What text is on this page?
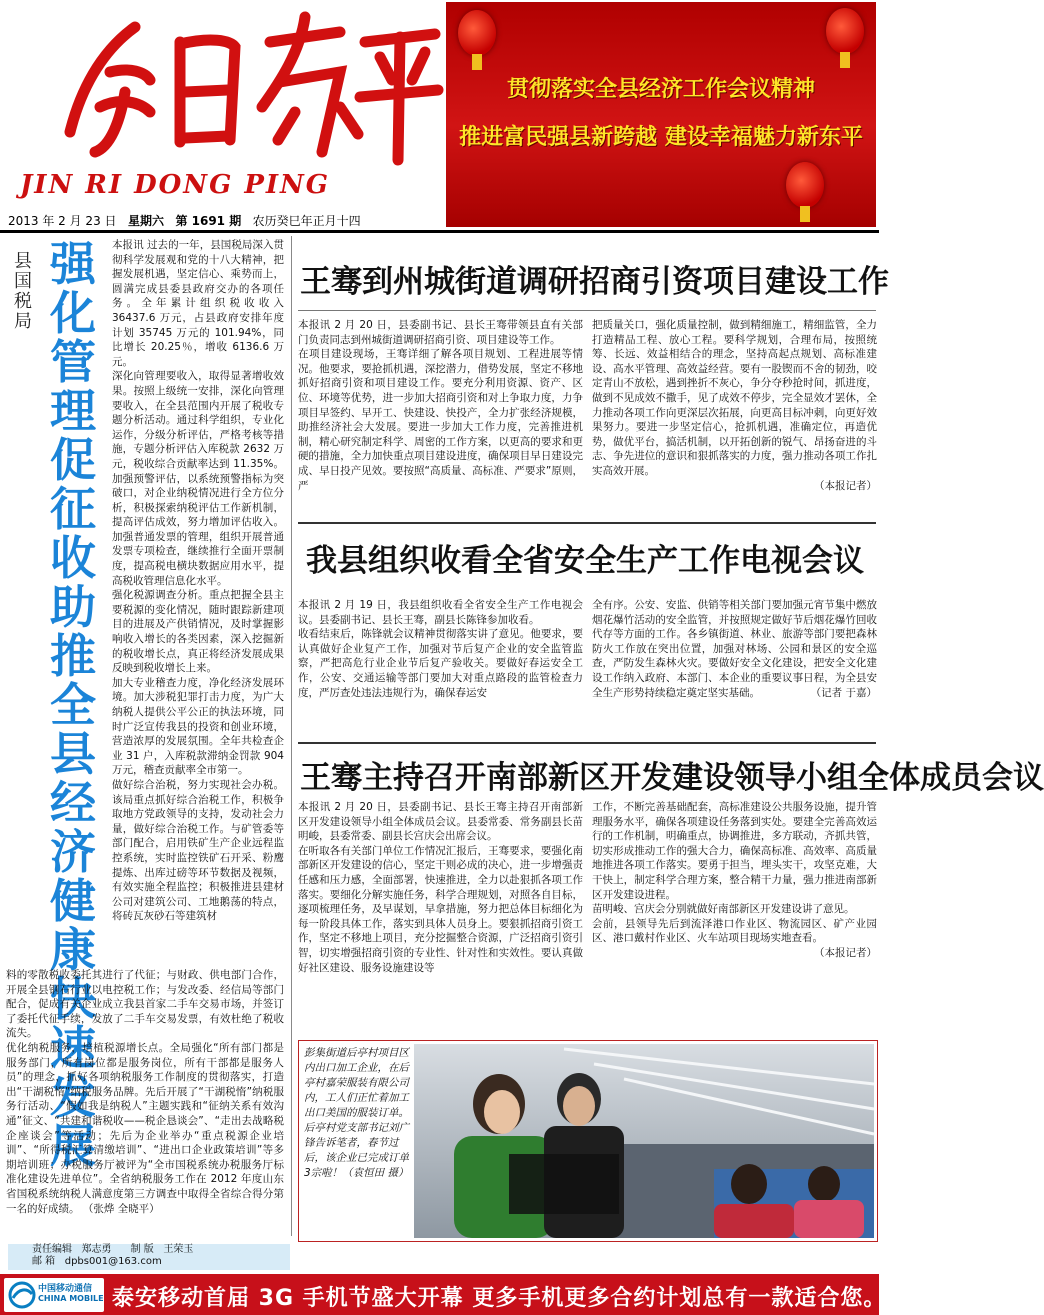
JIN RI DONG PING
贯彻落实全县经济工作会议精神
推进富民强县新跨越 建设幸福魅力新东平
2013 年 2 月 23 日 星期六 第 1691 期 农历癸巳年正月十四
县国税局
强化管理促征收 助推全县经济健康快速发展
本报讯 过去的一年，县国税局深入贯彻科学发展观和党的十八大精神，把握发展机遇，坚定信心、乘势而上，圆满完成县委县政府交办的各项任务。全年累计组织税收收入 36437.6 万元，占县政府安排年度计划 35745 万元的 101.94%，同比增长 20.25％，增收 6136.6 万元。
深化向管理要收入，取得显著增收效果。按照上级统一安排，深化向管理要收入，在全县范围内开展了税收专题分析活动。通过科学组织，专业化运作，分级分析评估，严格考核等措施，专题分析评估入库税款 2632 万元，税收综合贡献率达到 11.35%。加强预警评估，以系统预警指标为突破口，对企业纳税情况进行全方位分析，积极探索纳税评估工作新机制，提高评估成效，努力增加评估收入。加强普通发票的管理，组织开展普通发票专项检查，继续推行全面开票制度，提高税电横块数据应用水平，提高税收管理信息化水平。
强化税源调查分析。重点把握全县主要税源的变化情况，随时跟踪新建项目的进展及产供销情况，及时掌握影响收入增长的各类因素，深入挖掘新的税收增长点，真正将经济发展成果反映到税收增长上来。
加大专业稽查力度，净化经济发展环境。加大涉税犯罪打击力度，为广大纳税人提供公平公正的执法环境，同时广泛宣传我县的投资和创业环境，营造浓厚的发展氛围。全年共检查企业 31 户，入库税款滞纳金罚款 904 万元，稽查贡献率全市第一。
做好综合治税，努力实现社会办税。该局重点抓好综合治税工作，积极争取地方党政领导的支持，发动社会力量，做好综合治税工作。与矿管委等部门配合，启用铁矿生产企业远程监控系统，实时监控铁矿石开采、粉鹰提炼、出库过磅等环节数据及视频，有效实施全程监控；积极推进县建材公司对建筑公司、工地鹅荡的特点，将砖瓦灰砂石等建筑材
料的零散税收委托其进行了代征；与财政、供电部门合作，开展全县钢石行业以电控税工作；与发改委、经信局等部门配合，促成有关企业成立我县首家二手车交易市场，并签订了委托代征手续，发放了二手车交易发票，有效杜绝了税收流失。
优化纳税服务，培植税源增长点。全局强化“所有部门都是服务部门，所有岗位都是服务岗位，所有干部都是服务人员”的理念，抓好各项纳税服务工作制度的贯彻落实，打造出“干湖税惰”纳税服务品牌。先后开展了“干湖税惰”纳税服务行活动、“假如我是纳税人”主题实践和“征纳关系有效沟通”征文、“共建和谐税收——税企恳谈会”、“走出去战略税企座谈会”等活动；先后为企业举办“重点税源企业培训”、“所得税汇算清缴培训”、“进出口企业政策培训”等多期培训班；办税服务厅被评为“全市国税系统办税服务厅标准化建设先进单位”。全省纳税服务工作在 2012 年度山东省国税系统纳税人满意度第三方调查中取得全省综合得分第一名的好成绩。 （张烨 全晓平）
王骞到州城街道调研招商引资项目建设工作
本报讯 2 月 20 日，县委副书记、县长王骞带领县直有关部门负责同志到州城街道调研招商引资、项目建设等工作。
在项目建设现场，王骞详细了解各项目规划、工程进展等情况。他要求，要抢抓机遇，深挖潜力，借势发展，坚定不移地抓好招商引资和项目建设工作。要充分利用资源、资产、区位、环境等优势，进一步加大招商引资和对上争取力度，力争项目早签约、早开工、快建设、快投产，全力扩张经济规模，助推经济社会大发展。要进一步加大工作力度，完善推进机制，精心研究制定科学、周密的工作方案，以更高的要求和更硬的措施，全力加快重点项目建设进度，确保项目早日建设完成、早日投产见效。要按照“高质量、高标准、严要求”原则，严
把质量关口，强化质量控制，做到精细施工，精细监管，全力打造精品工程、放心工程。要科学规划，合理布局，按照统筹、长远、效益相结合的理念，坚持高起点规划、高标准建设、高水平管理、高效益经营。要有一股锲而不舍的韧劲，咬定青山不放松，遇到挫折不灰心，争分夺秒抢时间，抓进度，做到不见成效不撒手，见了成效不停步，完全显效才罢休，全力推动各项工作向更深层次拓展，向更高目标冲刺，向更好效果努力。要进一步坚定信心，抢抓机遇，准确定位，再造优势，做优平台，搞活机制，以开拓创新的锐气、昂扬奋进的斗志、争先进位的意识和狠抓落实的力度，强力推动各项工作扎实高效开展。
（本报记者）
我县组织收看全省安全生产工作电视会议
本报讯 2 月 19 日，我县组织收看全省安全生产工作电视会议。县委副书记、县长王骞，副县长陈锋参加收看。
收看结束后，陈锋就会议精神贯彻落实讲了意见。他要求，要认真做好企业复产工作，加强对节后复产企业的安全监管监察，严把高危行业企业节后复产验收关。要做好春运安全工作，公安、交通运输等部门要加大对重点路段的监管检查力度，严厉查处违法违规行为，确保春运安
全有序。公安、安监、供销等相关部门要加强元宵节集中燃放烟花爆竹活动的安全监管，并按照规定做好节后烟花爆竹回收代存等方面的工作。各乡镇街道、林业、旅游等部门要把森林防火工作放在突出位置，加强对林场、公园和景区的安全巡查，严防发生森林火灾。要做好安全文化建设，把安全文化建设工作纳入政府、本部门、本企业的重要议事日程，为全县安全生产形势持续稳定奠定坚实基础。	（记者 于嘉）
王骞主持召开南部新区开发建设领导小组全体成员会议
本报讯 2 月 20 日，县委副书记、县长王骞主持召开南部新区开发建设领导小组全体成员会议。县委常委、常务副县长苗明峻，县委常委、副县长宫庆会出席会议。
在听取各有关部门单位工作情况汇报后，王骞要求，要强化南部新区开发建设的信心，坚定干则必成的决心，进一步增强责任感和压力感，全面部署，快速推进，全力以赴狠抓各项工作落实。要细化分解实施任务，科学合理规划，对照各自目标，逐项梳理任务，及早谋划，早拿措施，努力把总体目标细化为每一阶段具体工作，落实到具体人员身上。要狠抓招商引资工作，坚定不移地上项目，充分挖掘整合资源，广泛招商引资引智，切实增强招商引资的专业性、针对性和实效性。要认真做好社区建设、服务设施建设等
工作，不断完善基础配套，高标准建设公共服务设施，提升管理服务水平，确保各项建设任务落到实处。要建全完善高效运行的工作机制，明确重点，协调推进，多方联动，齐抓共管，切实形成推动工作的强大合力，确保高标准、高效率、高质量地推进各项工作落实。要勇于担当，埋头实干，攻坚克难，大干快上，制定科学合理方案，整合精干力量，强力推进南部新区开发建设进程。
苗明峻、宫庆会分别就做好南部新区开发建设讲了意见。
会前，县领导先后到流泽港口作业区、物流园区、矿产业园区、港口戴村作业区、火车站项目现场实地查看。
（本报记者）
彭集街道后亭村项目区内出口加工企业，在后亭村嘉荣服装有限公司内，工人们正忙着加工出口美国的服装订单。后亭村党支部书记刘广锋告诉笔者，春节过后，该企业已完成订单3宗啦！（袁恒田 摄）
责任编辑 郑志勇 制 版 王荣玉
邮 箱 dpbs001@163.com
中国移动通信
CHINA MOBILE 泰安移动首届 3G 手机节盛大开幕 更多手机更多合约计划总有一款适合您。
